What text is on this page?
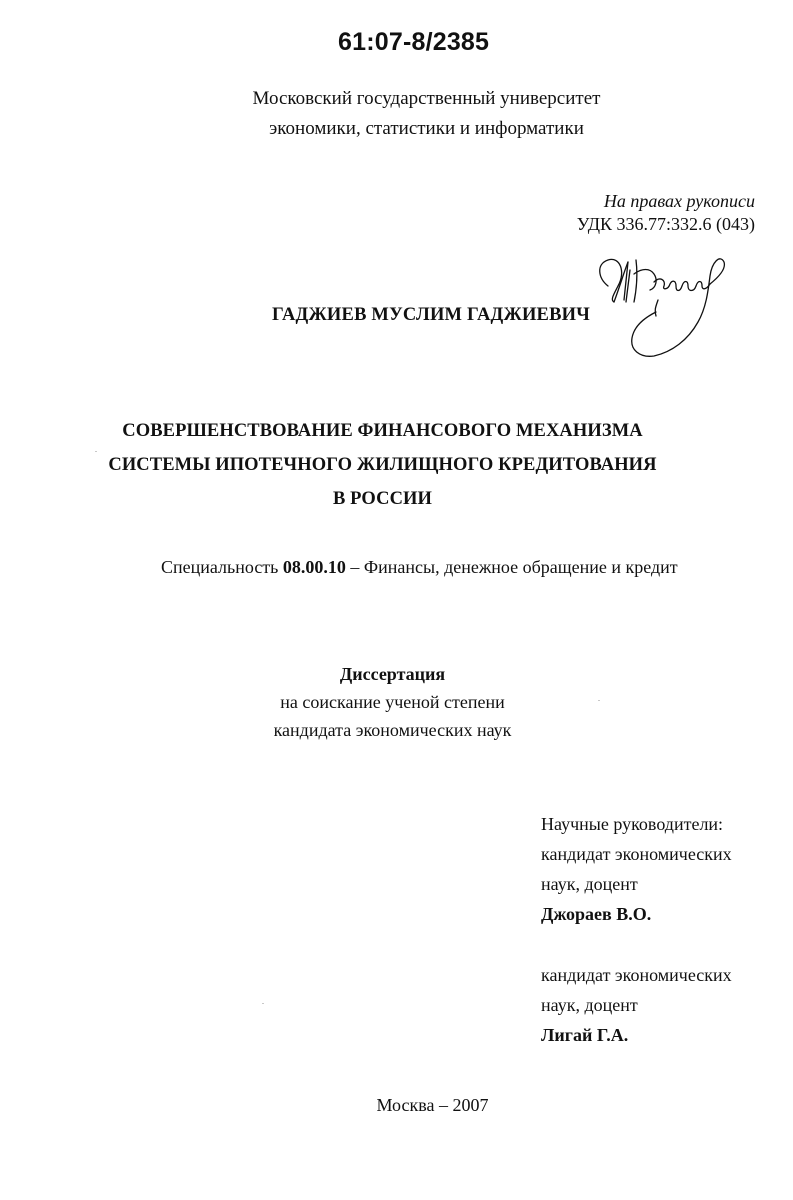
61:07-8/2385
Московский государственный университет
экономики, статистики и информатики
На правах рукописи
УДК 336.77:332.6 (043)
ГАДЖИЕВ МУСЛИМ ГАДЖИЕВИЧ
СОВЕРШЕНСТВОВАНИЕ ФИНАНСОВОГО МЕХАНИЗМА
СИСТЕМЫ ИПОТЕЧНОГО ЖИЛИЩНОГО КРЕДИТОВАНИЯ
В РОССИИ
Специальность 08.00.10 – Финансы, денежное обращение и кредит
Диссертация
на соискание ученой степени
кандидата экономических наук
Научные руководители:
кандидат экономических
наук, доцент
Джораев В.О.
кандидат экономических
наук, доцент
Лигай Г.А.
Москва – 2007
